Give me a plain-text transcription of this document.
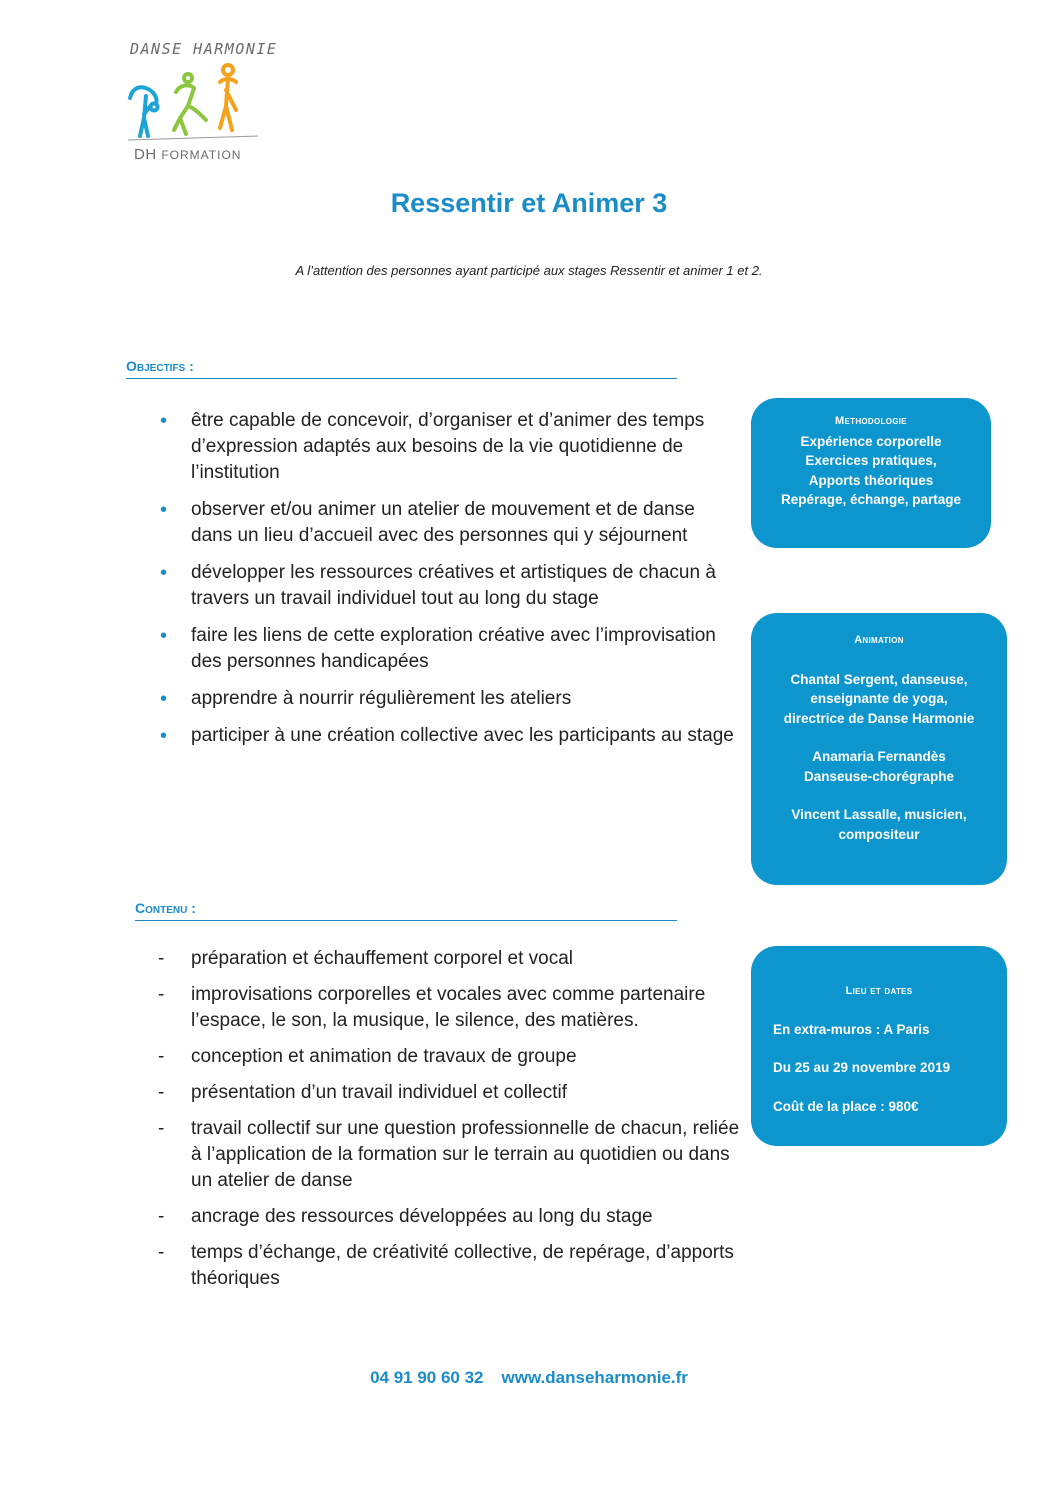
DANSE HARMONIE
DH FORMATION
Ressentir et Animer 3
A l’attention des personnes ayant participé aux stages Ressentir et animer 1 et 2.
Objectifs :
• être capable de concevoir, d’organiser et d’animer des temps d’expression adaptés aux besoins de la vie quotidienne de l’institution
• observer et/ou animer un atelier de mouvement et de danse dans un lieu d’accueil avec des personnes qui y séjournent
• développer les ressources créatives et artistiques de chacun à travers un travail individuel tout au long du stage
• faire les liens de cette exploration créative avec l’improvisation des personnes handicapées
• apprendre à nourrir régulièrement les ateliers
• participer à une création collective avec les participants au stage
Contenu :
- préparation et échauffement corporel et vocal
- improvisations corporelles et vocales avec comme partenaire l’espace, le son, la musique, le silence, des matières.
- conception et animation de travaux de groupe
- présentation d’un travail individuel et collectif
- travail collectif sur une question professionnelle de chacun, reliée à l’application de la formation sur le terrain au quotidien ou dans un atelier de danse
- ancrage des ressources développées au long du stage
- temps d’échange, de créativité collective, de repérage, d’apports théoriques
Methodologie
Expérience corporelle
Exercices pratiques,
Apports théoriques
Repérage, échange, partage
Animation

Chantal Sergent, danseuse,
enseignante de yoga,
directrice de Danse Harmonie

Anamaria Fernandès
Danseuse-chorégraphe

Vincent Lassalle, musicien,
compositeur

Lieu et dates

En extra-muros : A Paris

Du 25 au 29 novembre 2019

Coût de la place : 980€

04 91 90 60 32 www.danseharmonie.fr
